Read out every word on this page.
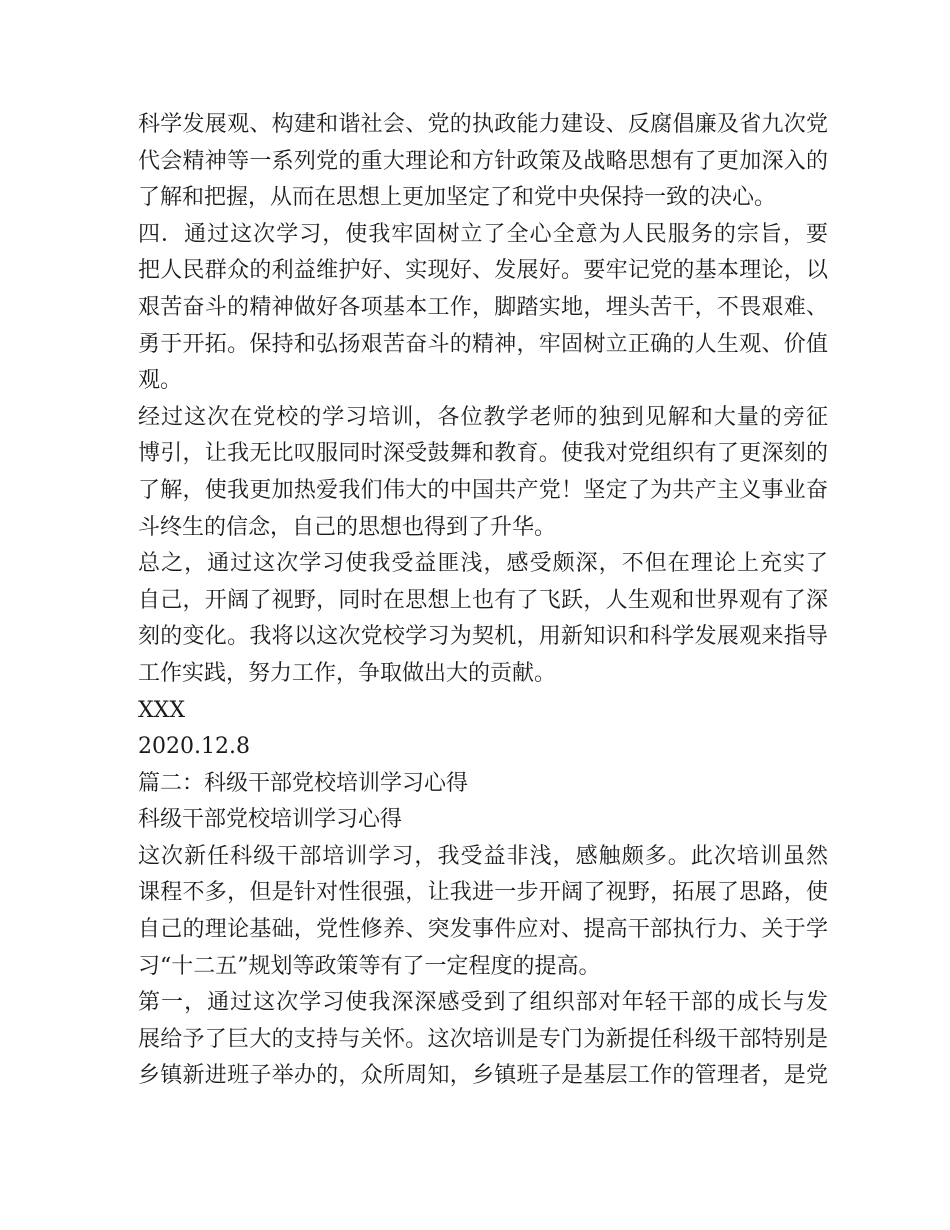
科学发展观、构建和谐社会、党的执政能力建设、反腐倡廉及省九次党
代会精神等一系列党的重大理论和方针政策及战略思想有了更加深入的
了解和把握，从而在思想上更加坚定了和党中央保持一致的决心。
四．通过这次学习，使我牢固树立了全心全意为人民服务的宗旨，要
把人民群众的利益维护好、实现好、发展好。要牢记党的基本理论，以
艰苦奋斗的精神做好各项基本工作，脚踏实地，埋头苦干，不畏艰难、
勇于开拓。保持和弘扬艰苦奋斗的精神，牢固树立正确的人生观、价值
观。
经过这次在党校的学习培训，各位教学老师的独到见解和大量的旁征
博引，让我无比叹服同时深受鼓舞和教育。使我对党组织有了更深刻的
了解，使我更加热爱我们伟大的中国共产党！坚定了为共产主义事业奋
斗终生的信念，自己的思想也得到了升华。
总之，通过这次学习使我受益匪浅，感受颇深，不但在理论上充实了
自己，开阔了视野，同时在思想上也有了飞跃，人生观和世界观有了深
刻的变化。我将以这次党校学习为契机，用新知识和科学发展观来指导
工作实践，努力工作，争取做出大的贡献。
XXX
2020.12.8
篇二：科级干部党校培训学习心得
科级干部党校培训学习心得
这次新任科级干部培训学习，我受益非浅，感触颇多。此次培训虽然
课程不多，但是针对性很强，让我进一步开阔了视野，拓展了思路，使
自己的理论基础，党性修养、突发事件应对、提高干部执行力、关于学
习“十二五”规划等政策等有了一定程度的提高。
第一，通过这次学习使我深深感受到了组织部对年轻干部的成长与发
展给予了巨大的支持与关怀。这次培训是专门为新提任科级干部特别是
乡镇新进班子举办的，众所周知，乡镇班子是基层工作的管理者，是党
